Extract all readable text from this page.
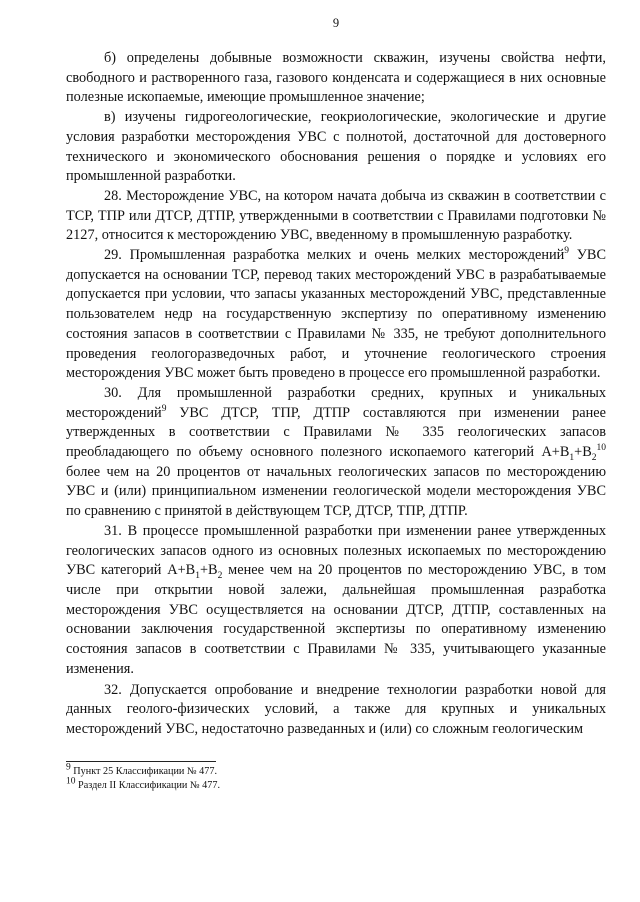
9

б) определены добывные возможности скважин, изучены свойства нефти, свободного и растворенного газа, газового конденсата и содержащиеся в них основные полезные ископаемые, имеющие промышленное значение;

в) изучены гидрогеологические, геокриологические, экологические и другие условия разработки месторождения УВС с полнотой, достаточной для достоверного технического и экономического обоснования решения о порядке и условиях его промышленной разработки.

28. Месторождение УВС, на котором начата добыча из скважин в соответствии с ТСР, ТПР или ДТСР, ДТПР, утвержденными в соответствии с Правилами подготовки № 2127, относится к месторождению УВС, введенному в промышленную разработку.

29. Промышленная разработка мелких и очень мелких месторождений$^9$ УВС допускается на основании ТСР, перевод таких месторождений УВС в разрабатываемые допускается при условии, что запасы указанных месторождений УВС, представленные пользователем недр на государственную экспертизу по оперативному изменению состояния запасов в соответствии с Правилами № 335, не требуют дополнительного проведения геологоразведочных работ, и уточнение геологического строения месторождения УВС может быть проведено в процессе его промышленной разработки.

30. Для промышленной разработки средних, крупных и уникальных месторождений$^9$ УВС ДТСР, ТПР, ДТПР составляются при изменении ранее утвержденных в соответствии с Правилами № 335 геологических запасов преобладающего по объему основного полезного ископаемого категорий $А+В_1+В_2^{10}$ более чем на 20 процентов от начальных геологических запасов по месторождению УВС и (или) принципиальном изменении геологической модели месторождения УВС по сравнению с принятой в действующем ТСР, ДТСР, ТПР, ДТПР.

31. В процессе промышленной разработки при изменении ранее утвержденных геологических запасов одного из основных полезных ископаемых по месторождению УВС категорий $А+В_1+В_2$ менее чем на 20 процентов по месторождению УВС, в том числе при открытии новой залежи, дальнейшая промышленная разработка месторождения УВС осуществляется на основании ДТСР, ДТПР, составленных на основании заключения государственной экспертизы по оперативному изменению состояния запасов в соответствии с Правилами № 335, учитывающего указанные изменения.

32. Допускается опробование и внедрение технологии разработки новой для данных геолого-физических условий, а также для крупных и уникальных месторождений УВС, недостаточно разведанных и (или) со сложным геологическим

$^9$ Пункт 25 Классификации № 477.

$^{10}$ Раздел II Классификации № 477.
